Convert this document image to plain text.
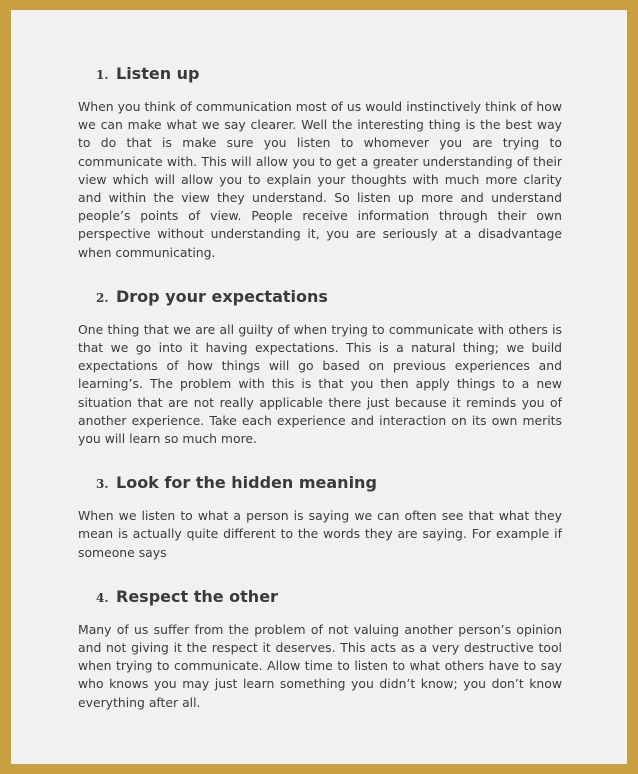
1. Listen up

When you think of communication most of us would instinctively think of how we can make what we say clearer. Well the interesting thing is the best way to do that is make sure you listen to whomever you are trying to communicate with. This will allow you to get a greater understanding of their view which will allow you to explain your thoughts with much more clarity and within the view they understand. So listen up more and understand people’s points of view. People receive information through their own perspective without understanding it, you are seriously at a disadvantage when communicating.

2. Drop your expectations

One thing that we are all guilty of when trying to communicate with others is that we go into it having expectations. This is a natural thing; we build expectations of how things will go based on previous experiences and learning’s. The problem with this is that you then apply things to a new situation that are not really applicable there just because it reminds you of another experience. Take each experience and interaction on its own merits you will learn so much more.

3. Look for the hidden meaning

When we listen to what a person is saying we can often see that what they mean is actually quite different to the words they are saying. For example if someone says

4. Respect the other

Many of us suffer from the problem of not valuing another person’s opinion and not giving it the respect it deserves. This acts as a very destructive tool when trying to communicate. Allow time to listen to what others have to say who knows you may just learn something you didn’t know; you don’t know everything after all.
